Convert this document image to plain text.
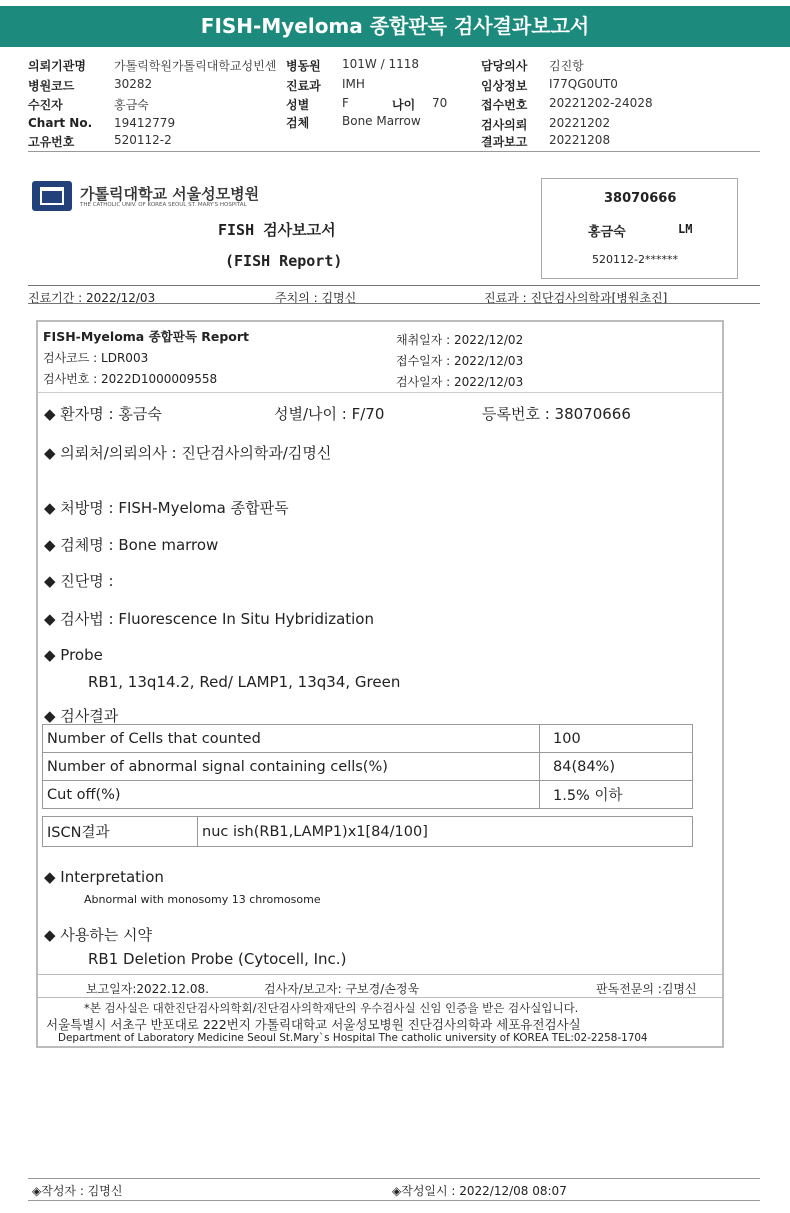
FISH-Myeloma 종합판독 검사결과보고서
의뢰기관명 가톨릭학원가톨릭대학교성빈센 병동원 101W / 1118	담당의사 김진항
병원코드	30282	진료과 IMH	임상정보 I77QG0UT0
수진자	홍금숙	성별	F	나이 70	접수번호 20221202-24028
Chart No. 19412779	검체	Bone Marrow	검사의뢰 20221202
고유번호	520112-2	결과보고 20221208
가톨릭대학교 서울성모병원
THE CATHOLIC UNIV. OF KOREA SEOUL ST. MARY'S HOSPITAL
FISH 검사보고서
(FISH Report)
38070666
홍금숙	LM
520112-2******
진료기간 : 2022/12/03	주치의 : 김명신	진료과 : 진단검사의학과[병원초진]
FISH-Myeloma 종합판독 Report
검사코드 : LDR003
검사번호 : 2022D1000009558
채취일자 : 2022/12/02
접수일자 : 2022/12/03
검사일자 : 2022/12/03
◆ 환자명 : 홍금숙	성별/나이 : F/70	등록번호 : 38070666
◆ 의뢰처/의뢰의사 : 진단검사의학과/김명신
◆ 처방명 : FISH-Myeloma 종합판독
◆ 검체명 : Bone marrow
◆ 진단명 :
◆ 검사법 : Fluorescence In Situ Hybridization
◆ Probe
RB1, 13q14.2, Red/ LAMP1, 13q34, Green
◆ 검사결과
Number of Cells that counted	100
Number of abnormal signal containing cells(%)	84(84%)
Cut off(%)	1.5% 이하
ISCN결과	nuc ish(RB1,LAMP1)x1[84/100]
◆ Interpretation
Abnormal with monosomy 13 chromosome
◆ 사용하는 시약
RB1 Deletion Probe (Cytocell, Inc.)
보고일자:2022.12.08.	검사자/보고자: 구보경/손정욱	판독전문의 :김명신
*본 검사실은 대한진단검사의학회/진단검사의학재단의 우수검사실 신임 인증을 받은 검사실입니다.
서울특별시 서초구 반포대로 222번지 가톨릭대학교 서울성모병원 진단검사의학과 세포유전검사실
Department of Laboratory Medicine Seoul St.Mary`s Hospital The catholic university of KOREA TEL:02-2258-1704
◈작성자 : 김명신	◈작성일시 : 2022/12/08 08:07
